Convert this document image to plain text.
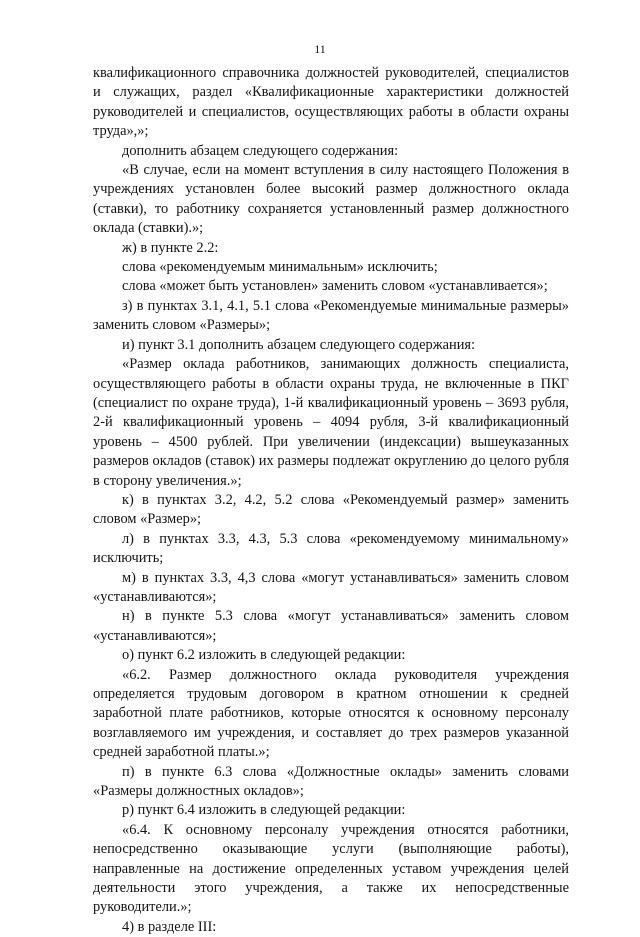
11

квалификационного справочника должностей руководителей, специалистов и служащих, раздел «Квалификационные характеристики должностей руководителей и специалистов, осуществляющих работы в области охраны труда»,»;

дополнить абзацем следующего содержания:

«В случае, если на момент вступления в силу настоящего Положения в учреждениях установлен более высокий размер должностного оклада (ставки), то работнику сохраняется установленный размер должностного оклада (ставки).»;

ж) в пункте 2.2:

слова «рекомендуемым минимальным» исключить;

слова «может быть установлен» заменить словом «устанавливается»;

з) в пунктах 3.1, 4.1, 5.1 слова «Рекомендуемые минимальные размеры» заменить словом «Размеры»;

и) пункт 3.1 дополнить абзацем следующего содержания:

«Размер оклада работников, занимающих должность специалиста, осуществляющего работы в области охраны труда, не включенные в ПКГ (специалист по охране труда), 1-й квалификационный уровень – 3693 рубля, 2-й квалификационный уровень – 4094 рубля, 3-й квалификационный уровень – 4500 рублей. При увеличении (индексации) вышеуказанных размеров окладов (ставок) их размеры подлежат округлению до целого рубля в сторону увеличения.»;

к) в пунктах 3.2, 4.2, 5.2 слова «Рекомендуемый размер» заменить словом «Размер»;

л) в пунктах 3.3, 4.3, 5.3 слова «рекомендуемому минимальному» исключить;

м) в пунктах 3.3, 4,3 слова «могут устанавливаться» заменить словом «устанавливаются»;

н) в пункте 5.3 слова «могут устанавливаться» заменить словом «устанавливаются»;

о) пункт 6.2 изложить в следующей редакции:

«6.2. Размер должностного оклада руководителя учреждения определяется трудовым договором в кратном отношении к средней заработной плате работников, которые относятся к основному персоналу возглавляемого им учреждения, и составляет до трех размеров указанной средней заработной платы.»;

п) в пункте 6.3 слова «Должностные оклады» заменить словами «Размеры должностных окладов»;

р) пункт 6.4 изложить в следующей редакции:

«6.4. К основному персоналу учреждения относятся работники, непосредственно оказывающие услуги (выполняющие работы), направленные на достижение определенных уставом учреждения целей деятельности этого учреждения, а также их непосредственные руководители.»;

4) в разделе III:
